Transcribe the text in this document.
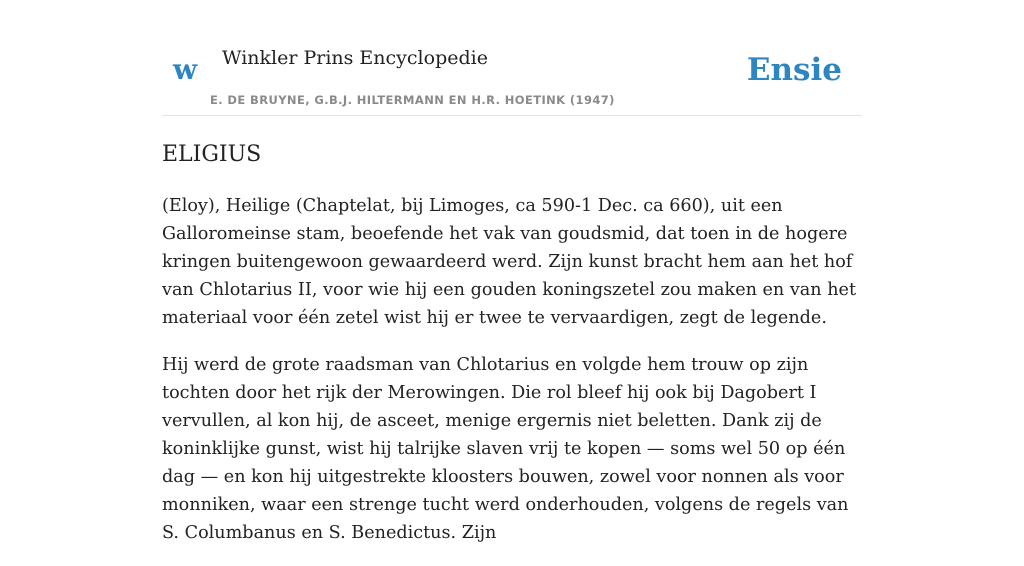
w Winkler Prins Encyclopedie
E. DE BRUYNE, G.B.J. HILTERMANN EN H.R. HOETINK (1947)
Ensie
ELIGIUS

(Eloy), Heilige (Chaptelat, bij Limoges, ca 590-1 Dec. ca 660), uit een Galloromeinse stam, beoefende het vak van goudsmid, dat toen in de hogere kringen buitengewoon gewaardeerd werd. Zijn kunst bracht hem aan het hof van Chlotarius II, voor wie hij een gouden koningszetel zou maken en van het materiaal voor één zetel wist hij er twee te vervaardigen, zegt de legende.

Hij werd de grote raadsman van Chlotarius en volgde hem trouw op zijn tochten door het rijk der Merowingen. Die rol bleef hij ook bij Dagobert I vervullen, al kon hij, de asceet, menige ergernis niet beletten. Dank zij de koninklijke gunst, wist hij talrijke slaven vrij te kopen — soms wel 50 op één dag — en kon hij uitgestrekte kloosters bouwen, zowel voor nonnen als voor monniken, waar een strenge tucht werd onderhouden, volgens de regels van S. Columbanus en S. Benedictus. Zijn
